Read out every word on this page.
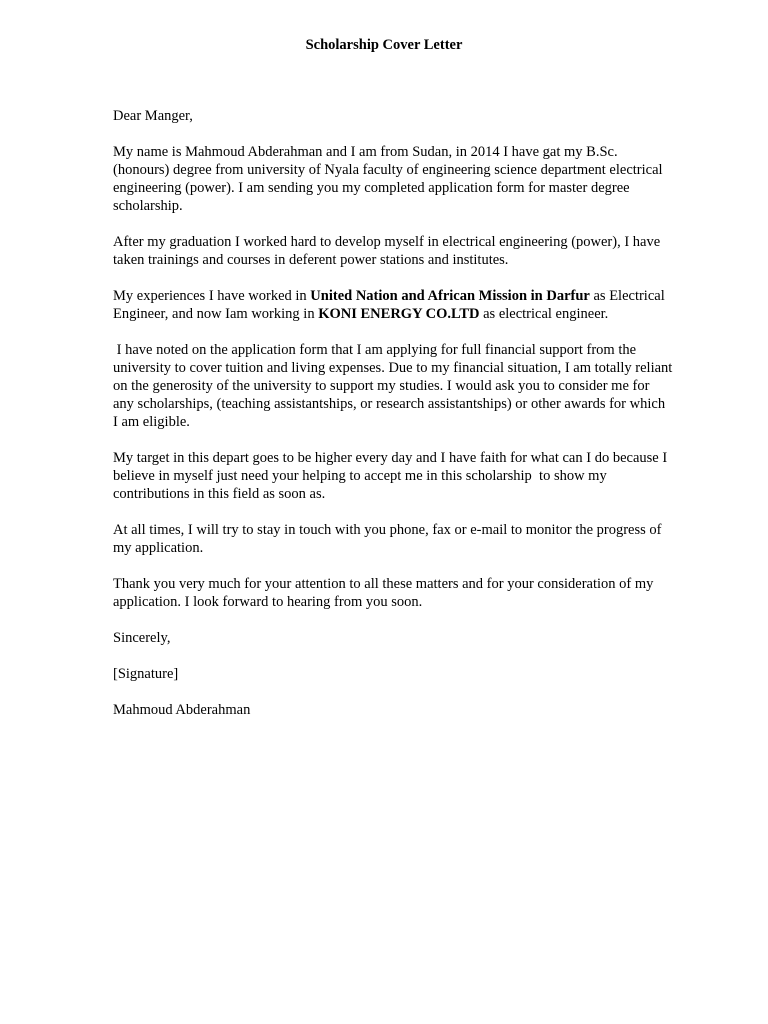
Scholarship Cover Letter

Dear Manger,

My name is Mahmoud Abderahman and I am from Sudan, in 2014 I have gat my B.Sc. (honours) degree from university of Nyala faculty of engineering science department electrical engineering (power). I am sending you my completed application form for master degree scholarship.

After my graduation I worked hard to develop myself in electrical engineering (power), I have taken trainings and courses in deferent power stations and institutes.

My experiences I have worked in United Nation and African Mission in Darfur as Electrical Engineer, and now Iam working in KONI ENERGY CO.LTD as electrical engineer.

I have noted on the application form that I am applying for full financial support from the university to cover tuition and living expenses. Due to my financial situation, I am totally reliant on the generosity of the university to support my studies. I would ask you to consider me for any scholarships, (teaching assistantships, or research assistantships) or other awards for which I am eligible.

My target in this depart goes to be higher every day and I have faith for what can I do because I believe in myself just need your helping to accept me in this scholarship  to show my contributions in this field as soon as.

At all times, I will try to stay in touch with you phone, fax or e-mail to monitor the progress of my application.

Thank you very much for your attention to all these matters and for your consideration of my application. I look forward to hearing from you soon.

Sincerely,

[Signature]

Mahmoud Abderahman
